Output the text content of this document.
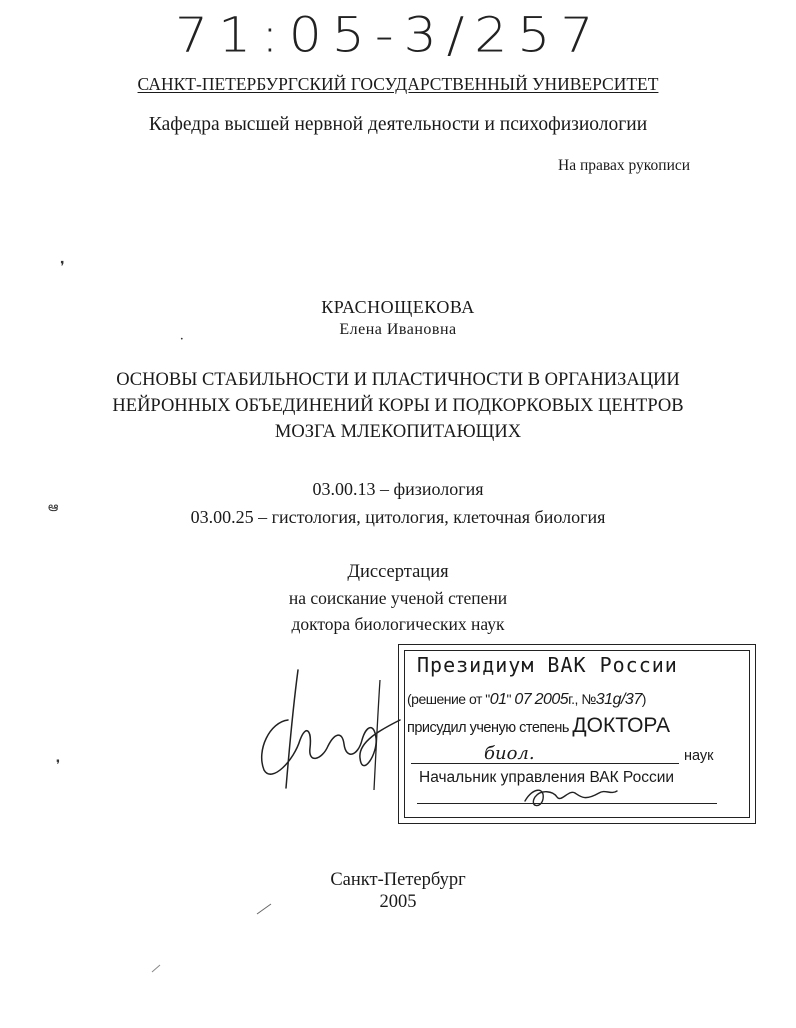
71:05-3/257
САНКТ-ПЕТЕРБУРГСКИЙ ГОСУДАРСТВЕННЫЙ УНИВЕРСИТЕТ
Кафедра высшей нервной деятельности и психофизиологии
На правах рукописи
❜
ఆ
❜
•
КРАСНОЩЕКОВА
Елена Ивановна
ОСНОВЫ СТАБИЛЬНОСТИ И ПЛАСТИЧНОСТИ В ОРГАНИЗАЦИИ
НЕЙРОННЫХ ОБЪЕДИНЕНИЙ КОРЫ И ПОДКОРКОВЫХ ЦЕНТРОВ
МОЗГА МЛЕКОПИТАЮЩИХ
03.00.13 – физиология
03.00.25 – гистология, цитология, клеточная биология
Диссертация
на соискание ученой степени
доктора биологических наук
Президиум ВАК России
(решение от "01" 07 2005г., №31g/37)
присудил ученую степень ДОКТОРА
биол.	наук
Начальник управления ВАК России
Санкт-Петербург
2005
